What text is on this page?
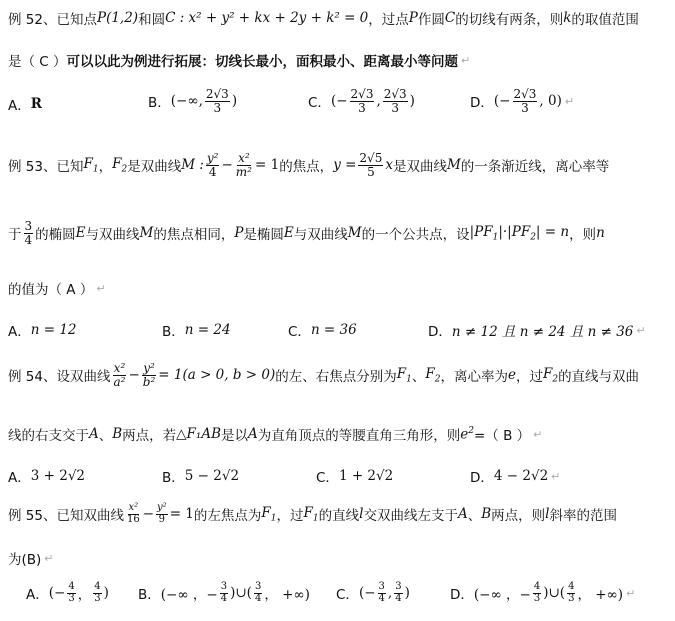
例 52、已知点 P(1,2) 和圆 C : x² + y² + kx + 2y + k² = 0 ，过点 P 作圆 C 的切线有两条，则 k 的取值范围
是（ C ） 可以以此为例进行拓展：切线长最小，面积最小、距离最小等问题 ↵
A． R	B． (−∞, $\frac{2√3}{3}$ )	C． (− $\frac{2√3}{3}$ , $\frac{2√3}{3}$ )	D． (− $\frac{2√3}{3}$ , 0) ↵
例 53、已知 $F_1$ ， $F_2$ 是双曲线 M : $\frac{\text{y²}}{4} - \frac{\text{x²}}{\text{m²}} = 1$ 的焦点， $y = \frac{2√5}{5}$ x 是双曲线 M 的一条渐近线，离心率等
于 $\frac{3}{4}$ 的椭圆 E 与双曲线 M 的焦点相同， P 是椭圆 E 与双曲线 M 的一个公共点，设 $|PF_1|\cdot|PF_2| = n$ ，则 n
的值为（ A ） ↵
A． n = 12	B． n = 24	C． n = 36	D． n ≠ 12 且 n ≠ 24 且 n ≠ 36 ↵
例 54、设双曲线 $\frac{\text{x²}}{\text{a²}} - \frac{\text{y²}}{\text{b²}} = 1(a > 0$, b > 0) 的左、右焦点分别为 $F_1$ 、 $F_2$ ，离心率为 e ，过 $F_2$ 的直线与双曲
线的右支交于 A 、 B 两点，若 △F₁AB 是以 A 为直角顶点的等腰直角三角形，则 $e^2$ =（ B ） ↵
A． 3 + 2√2	B． 5 − 2√2	C． 1 + 2√2	D． 4 − 2√2 ↵
例 55、已知双曲线 $\frac{\text{x²}}{16} - \frac{\text{y²}}{9} = 1$ 的左焦点为 $F_1$ ，过 $F_1$ 的直线 l 交双曲线左支于 A 、 B 两点，则 l 斜率的范围
为(B) ↵
A． (− $\frac{4}{3}$ ， $\frac{4}{3}$ ) B． (−∞ ，− $\frac{3}{4}$ )∪( $\frac{3}{4}$ ， +∞) C． (− $\frac{3}{4}$ , $\frac{3}{4}$ )	D． (−∞ ，− $\frac{4}{3}$ )∪( $\frac{4}{3}$ ， +∞) ↵
